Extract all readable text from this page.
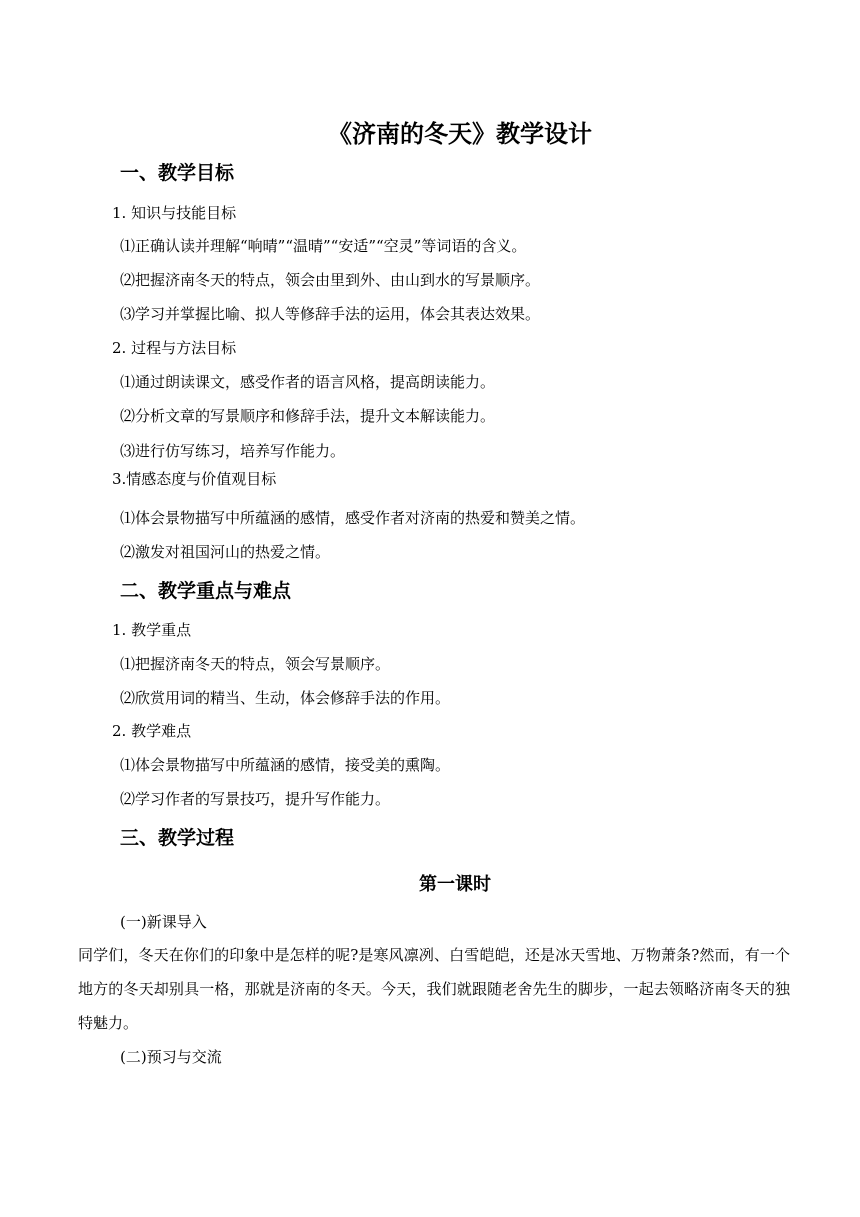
《济南的冬天》教学设计
一、教学目标
1. 知识与技能目标
⑴正确认读并理解“响晴”“温晴”“安适”“空灵”等词语的含义。
⑵把握济南冬天的特点，领会由里到外、由山到水的写景顺序。
⑶学习并掌握比喻、拟人等修辞手法的运用，体会其表达效果。
2. 过程与方法目标
⑴通过朗读课文，感受作者的语言风格，提高朗读能力。
⑵分析文章的写景顺序和修辞手法，提升文本解读能力。
⑶进行仿写练习，培养写作能力。
3.情感态度与价值观目标
⑴体会景物描写中所蕴涵的感情，感受作者对济南的热爱和赞美之情。
⑵激发对祖国河山的热爱之情。
二、教学重点与难点
1. 教学重点
⑴把握济南冬天的特点，领会写景顺序。
⑵欣赏用词的精当、生动，体会修辞手法的作用。
2. 教学难点
⑴体会景物描写中所蕴涵的感情，接受美的熏陶。
⑵学习作者的写景技巧，提升写作能力。
三、教学过程
第一课时
(一)新课导入
同学们，冬天在你们的印象中是怎样的呢?是寒风凛冽、白雪皑皑，还是冰天雪地、万物萧条?然而，有一个地方的冬天却别具一格，那就是济南的冬天。今天，我们就跟随老舍先生的脚步，一起去领略济南冬天的独特魅力。
(二)预习与交流
